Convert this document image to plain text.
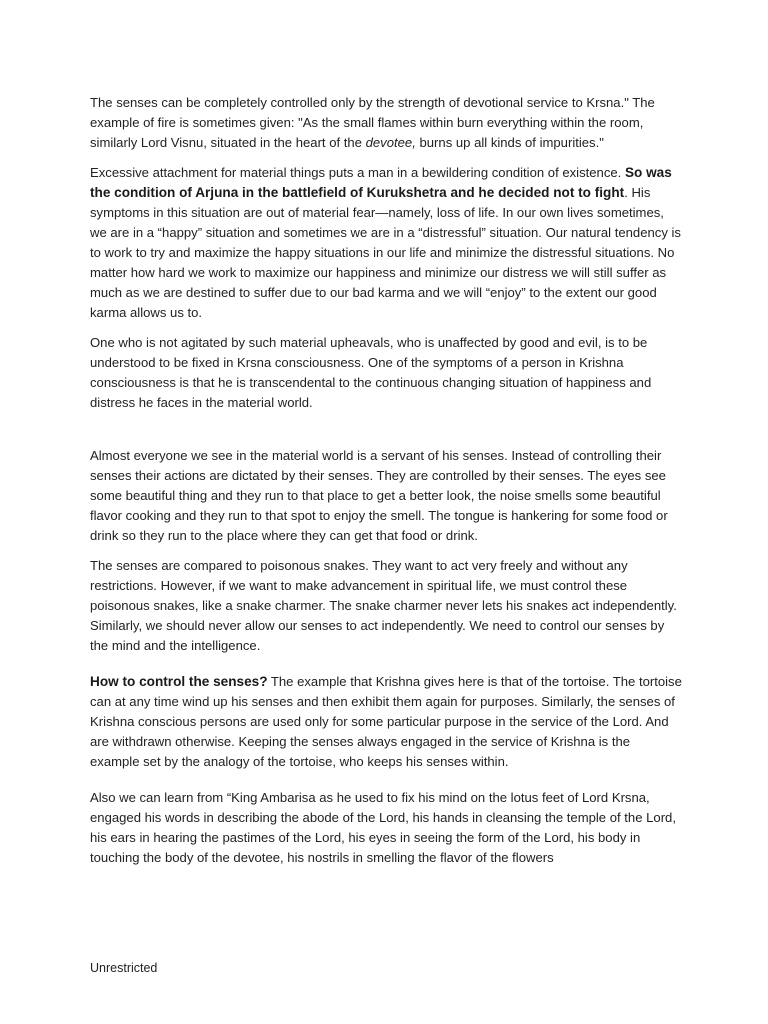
The senses can be completely controlled only by the strength of devotional service to Krsna." The example of fire is sometimes given: "As the small flames within burn everything within the room, similarly Lord Visnu, situated in the heart of the devotee, burns up all kinds of impurities."

Excessive attachment for material things puts a man in a bewildering condition of existence. So was the condition of Arjuna in the battlefield of Kurukshetra and he decided not to fight. His symptoms in this situation are out of material fear—namely, loss of life. In our own lives sometimes, we are in a “happy” situation and sometimes we are in a “distressful” situation. Our natural tendency is to work to try and maximize the happy situations in our life and minimize the distressful situations. No matter how hard we work to maximize our happiness and minimize our distress we will still suffer as much as we are destined to suffer due to our bad karma and we will “enjoy” to the extent our good karma allows us to.

One who is not agitated by such material upheavals, who is unaffected by good and evil, is to be understood to be fixed in Krsna consciousness. One of the symptoms of a person in Krishna consciousness is that he is transcendental to the continuous changing situation of happiness and distress he faces in the material world.

Almost everyone we see in the material world is a servant of his senses. Instead of controlling their senses their actions are dictated by their senses. They are controlled by their senses. The eyes see some beautiful thing and they run to that place to get a better look, the noise smells some beautiful flavor cooking and they run to that spot to enjoy the smell. The tongue is hankering for some food or drink so they run to the place where they can get that food or drink.

The senses are compared to poisonous snakes. They want to act very freely and without any restrictions. However, if we want to make advancement in spiritual life, we must control these poisonous snakes, like a snake charmer. The snake charmer never lets his snakes act independently. Similarly, we should never allow our senses to act independently. We need to control our senses by the mind and the intelligence.

How to control the senses? The example that Krishna gives here is that of the tortoise. The tortoise can at any time wind up his senses and then exhibit them again for purposes. Similarly, the senses of Krishna conscious persons are used only for some particular purpose in the service of the Lord. And are withdrawn otherwise. Keeping the senses always engaged in the service of Krishna is the example set by the analogy of the tortoise, who keeps his senses within.

Also we can learn from “King Ambarisa as he used to fix his mind on the lotus feet of Lord Krsna, engaged his words in describing the abode of the Lord, his hands in cleansing the temple of the Lord, his ears in hearing the pastimes of the Lord, his eyes in seeing the form of the Lord, his body in touching the body of the devotee, his nostrils in smelling the flavor of the flowers

Unrestricted
